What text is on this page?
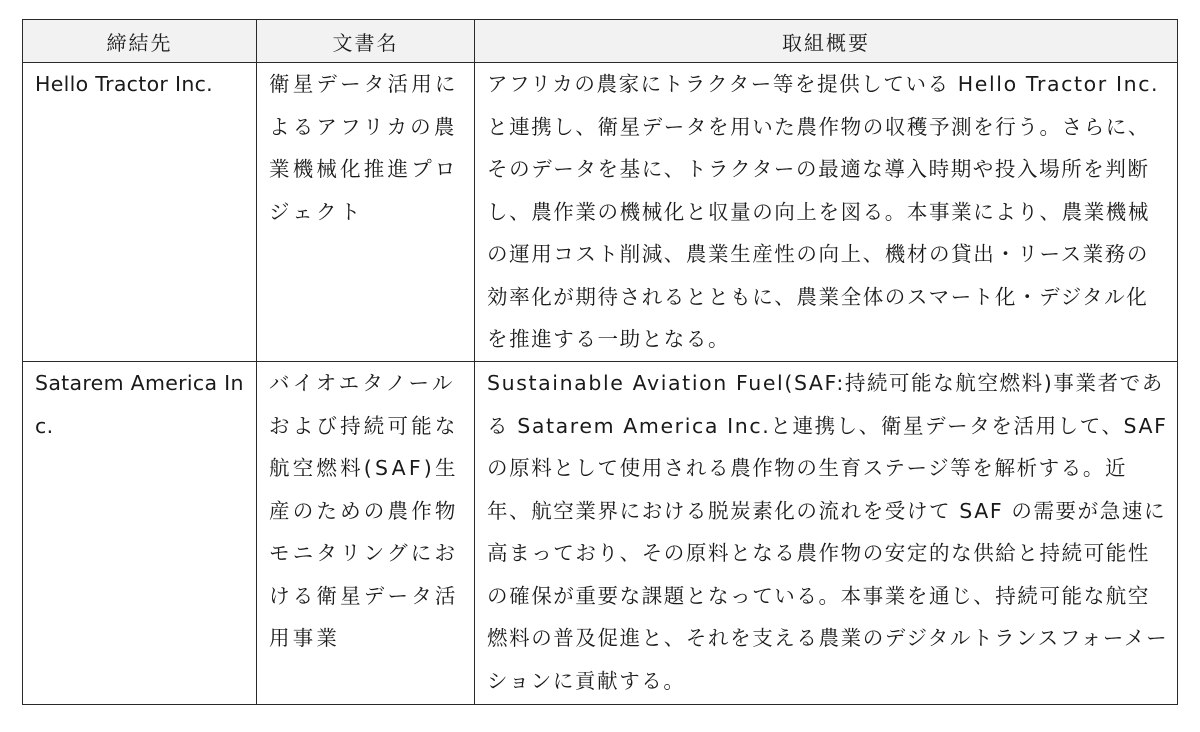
締結先	文書名	取組概要
Hello Tractor Inc.	衛星データ活用によるアフリカの農業機械化推進プロジェクト	アフリカの農家にトラクター等を提供している Hello Tractor Inc.と連携し、衛星データを用いた農作物の収穫予測を行う。さらに、そのデータを基に、トラクターの最適な導入時期や投入場所を判断し、農作業の機械化と収量の向上を図る。本事業により、農業機械の運用コスト削減、農業生産性の向上、機材の貸出・リース業務の効率化が期待されるとともに、農業全体のスマート化・デジタル化を推進する一助となる。
Satarem America Inc.	バイオエタノールおよび持続可能な航空燃料(SAF)生産のための農作物モニタリングにおける衛星データ活用事業	Sustainable Aviation Fuel(SAF:持続可能な航空燃料)事業者である Satarem America Inc.と連携し、衛星データを活用して、SAF の原料として使用される農作物の生育ステージ等を解析する。近年、航空業界における脱炭素化の流れを受けて SAF の需要が急速に高まっており、その原料となる農作物の安定的な供給と持続可能性の確保が重要な課題となっている。本事業を通じ、持続可能な航空燃料の普及促進と、それを支える農業のデジタルトランスフォーメーションに貢献する。
